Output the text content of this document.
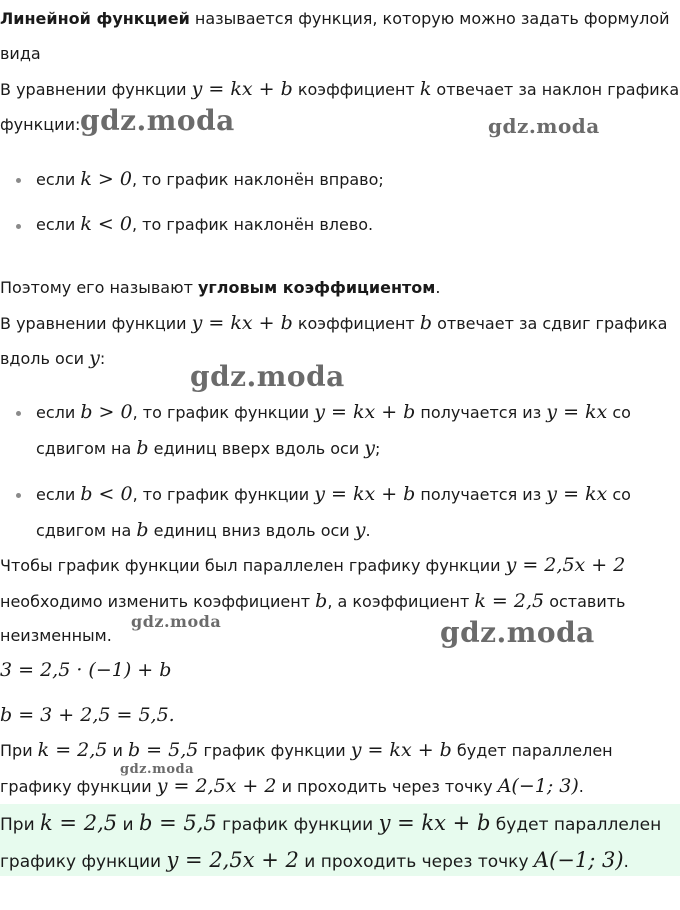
Линейной функцией называется функция, которую можно задать формулой
вида
В уравнении функции y = kx + b коэффициент k отвечает за наклон графика
функции:
если k > 0, то график наклонён вправо;
если k < 0, то график наклонён влево.
Поэтому его называют угловым коэффициентом.
В уравнении функции y = kx + b коэффициент b отвечает за сдвиг графика
вдоль оси y:
если b > 0, то график функции y = kx + b получается из y = kx со
сдвигом на b единиц вверх вдоль оси y;
если b < 0, то график функции y = kx + b получается из y = kx со
сдвигом на b единиц вниз вдоль оси y.
Чтобы график функции был параллелен графику функции y = 2,5x + 2
необходимо изменить коэффициент b, а коэффициент k = 2,5 оставить
неизменным.
3 = 2,5 · (−1) + b
b = 3 + 2,5 = 5,5.
При k = 2,5 и b = 5,5 график функции y = kx + b будет параллелен
графику функции y = 2,5x + 2 и проходить через точку A(−1; 3).
При k = 2,5 и b = 5,5 график функции y = kx + b будет параллелен
графику функции y = 2,5x + 2 и проходить через точку A(−1; 3).
gdz.moda	gdz.moda
gdz.moda
gdz.moda	gdz.moda
gdz.moda
